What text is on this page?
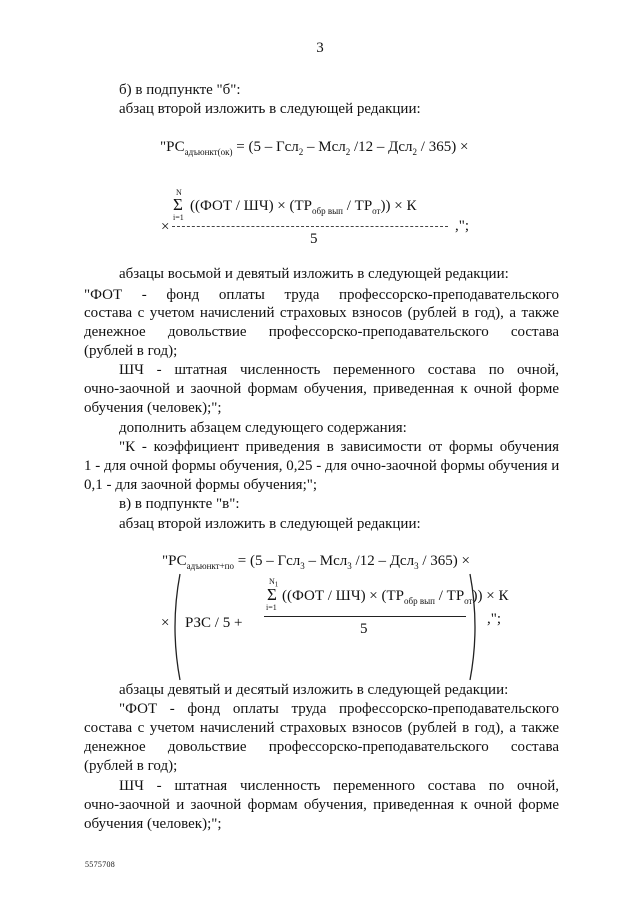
3
б) в подпункте "б":
абзац второй изложить в следующей редакции:
"$РС_{адъюнкт(ок)} = (5 - Гсл_2 - Мсл_2$ /12 – Дсл$_2$ / 365) ×
N
Σ
i=1
$((ФОТ / ШЧ) \times (ТР_{обр вып} / ТР_{от})) \times К$
×
5
,";
абзацы восьмой и девятый изложить в следующей редакции:
"ФОТ - фонд оплаты труда профессорско-преподавательского
состава с учетом начислений страховых взносов (рублей в год), а также
денежное довольствие профессорско-преподавательского состава
(рублей в год);
ШЧ - штатная численность переменного состава по очной,
очно-заочной и заочной формам обучения, приведенная к очной форме
обучения (человек);";
дополнить абзацем следующего содержания:
"К - коэффициент приведения в зависимости от формы обучения
1 - для очной формы обучения, 0,25 - для очно-заочной формы обучения и
0,1 - для заочной формы обучения;";
в) в подпункте "в":
абзац второй изложить в следующей редакции:
"$РС_{адъюнкт+по} = (5 - Гсл_3 - Мсл_3$ /12 – Дсл$_3$ / 365) ×
× РЗС / 5 +
$N_1$
Σ
i=1
$((ФОТ / ШЧ) \times (ТР_{обр вып} / ТР_{от})) \times К$
5
,";
абзацы девятый и десятый изложить в следующей редакции:
"ФОТ - фонд оплаты труда профессорско-преподавательского
состава с учетом начислений страховых взносов (рублей в год), а также
денежное довольствие профессорско-преподавательского состава
(рублей в год);
ШЧ - штатная численность переменного состава по очной,
очно-заочной и заочной формам обучения, приведенная к очной форме
обучения (человек);";
5575708
